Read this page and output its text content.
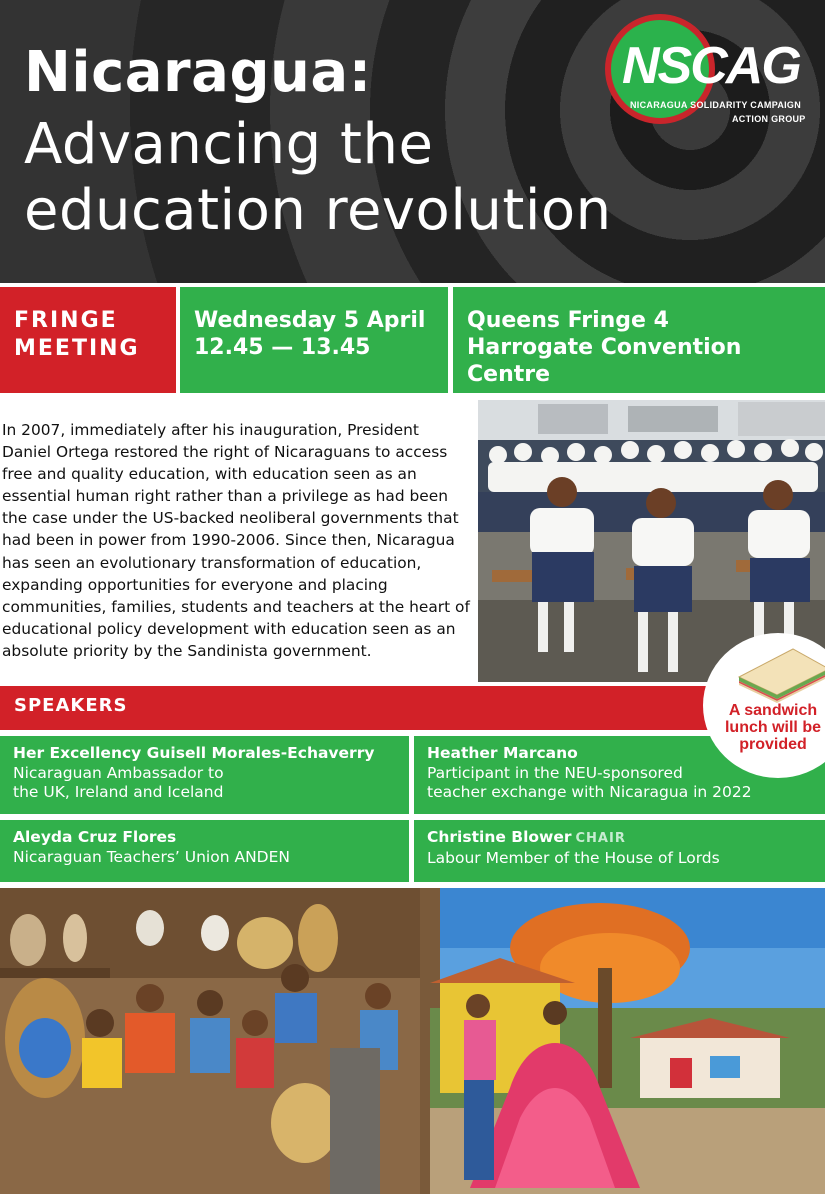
Nicaragua:
Advancing the
education revolution
NSCAG
NICARAGUA SOLIDARITY CAMPAIGN
ACTION GROUP
FRINGE
MEETING
Wednesday 5 April
12.45 — 13.45
Queens Fringe 4
Harrogate Convention Centre
In 2007, immediately after his inauguration, President Daniel Ortega restored the right of Nicaraguans to access free and quality education, with education seen as an essential human right rather than a privilege as had been the case under the US-backed neoliberal governments that had been in power from 1990-2006. Since then, Nicaragua has seen an evolutionary transformation of education, expanding opportunities for everyone and placing communities, families, students and teachers at the heart of educational policy development with education seen as an absolute priority by the Sandinista government.
SPEAKERS
Her Excellency Guisell Morales-Echaverry
Nicaraguan Ambassador to
the UK, Ireland and Iceland
Heather Marcano
Participant in the NEU-sponsored
teacher exchange with Nicaragua in 2022
Aleyda Cruz Flores
Nicaraguan Teachers’ Union ANDEN
Christine Blower CHAIR
Labour Member of the House of Lords
A sandwich
lunch will be
provided
